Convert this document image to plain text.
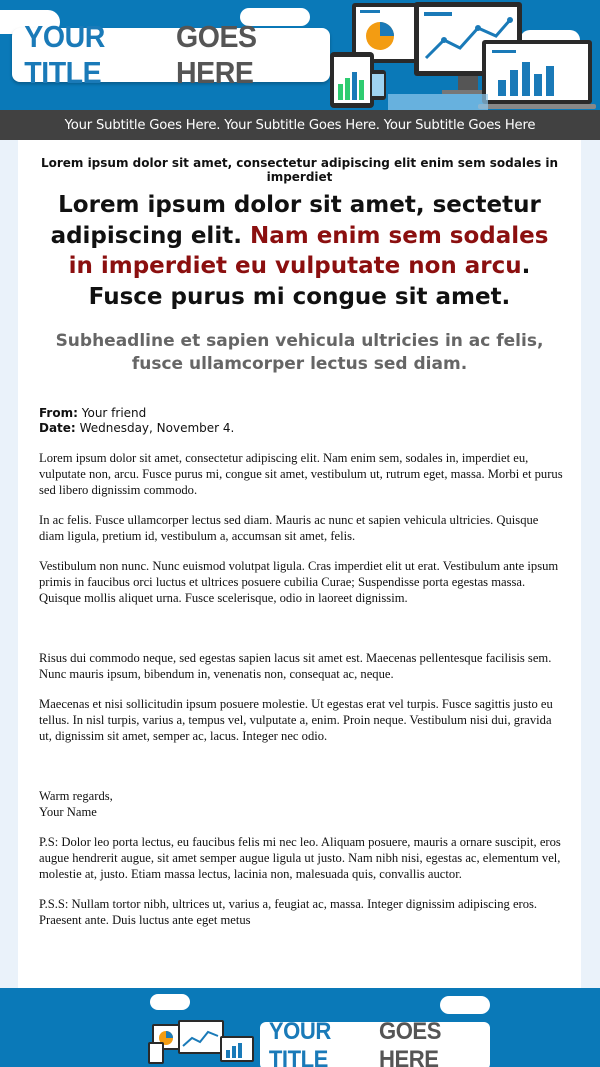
YOUR TITLE
GOES HERE
Your Subtitle Goes Here. Your Subtitle Goes Here. Your Subtitle Goes Here
Lorem ipsum dolor sit amet, consectetur adipiscing elit enim sem sodales in imperdiet
Lorem ipsum dolor sit amet, sectetur adipiscing elit. Nam enim sem sodales in imperdiet eu vulputate non arcu. Fusce purus mi congue sit amet.
Subheadline et sapien vehicula ultricies in ac felis, fusce ullamcorper lectus sed diam.
From: Your friend
Date: Wednesday, November 4.

Lorem ipsum dolor sit amet, consectetur adipiscing elit. Nam enim sem, sodales in, imperdiet eu, vulputate non, arcu. Fusce purus mi, congue sit amet, vestibulum ut, rutrum eget, massa. Morbi et purus sed libero dignissim commodo.

In ac felis. Fusce ullamcorper lectus sed diam. Mauris ac nunc et sapien vehicula ultricies. Quisque diam ligula, pretium id, vestibulum a, accumsan sit amet, felis.

Vestibulum non nunc. Nunc euismod volutpat ligula. Cras imperdiet elit ut erat. Vestibulum ante ipsum primis in faucibus orci luctus et ultrices posuere cubilia Curae; Suspendisse porta egestas massa. Quisque mollis aliquet urna. Fusce scelerisque, odio in laoreet dignissim.

Risus dui commodo neque, sed egestas sapien lacus sit amet est. Maecenas pellentesque facilisis sem. Nunc mauris ipsum, bibendum in, venenatis non, consequat ac, neque.

Maecenas et nisi sollicitudin ipsum posuere molestie. Ut egestas erat vel turpis. Fusce sagittis justo eu tellus. In nisl turpis, varius a, tempus vel, vulputate a, enim. Proin neque. Vestibulum nisi dui, gravida ut, dignissim sit amet, semper ac, lacus. Integer nec odio.

Warm regards,
Your Name

P.S: Dolor leo porta lectus, eu faucibus felis mi nec leo. Aliquam posuere, mauris a ornare suscipit, eros augue hendrerit augue, sit amet semper augue ligula ut justo. Nam nibh nisi, egestas ac, elementum vel, molestie at, justo. Etiam massa lectus, lacinia non, malesuada quis, convallis auctor.

P.S.S: Nullam tortor nibh, ultrices ut, varius a, feugiat ac, massa. Integer dignissim adipiscing eros. Praesent ante. Duis luctus ante eget metus

YOUR TITLE
GOES HERE
